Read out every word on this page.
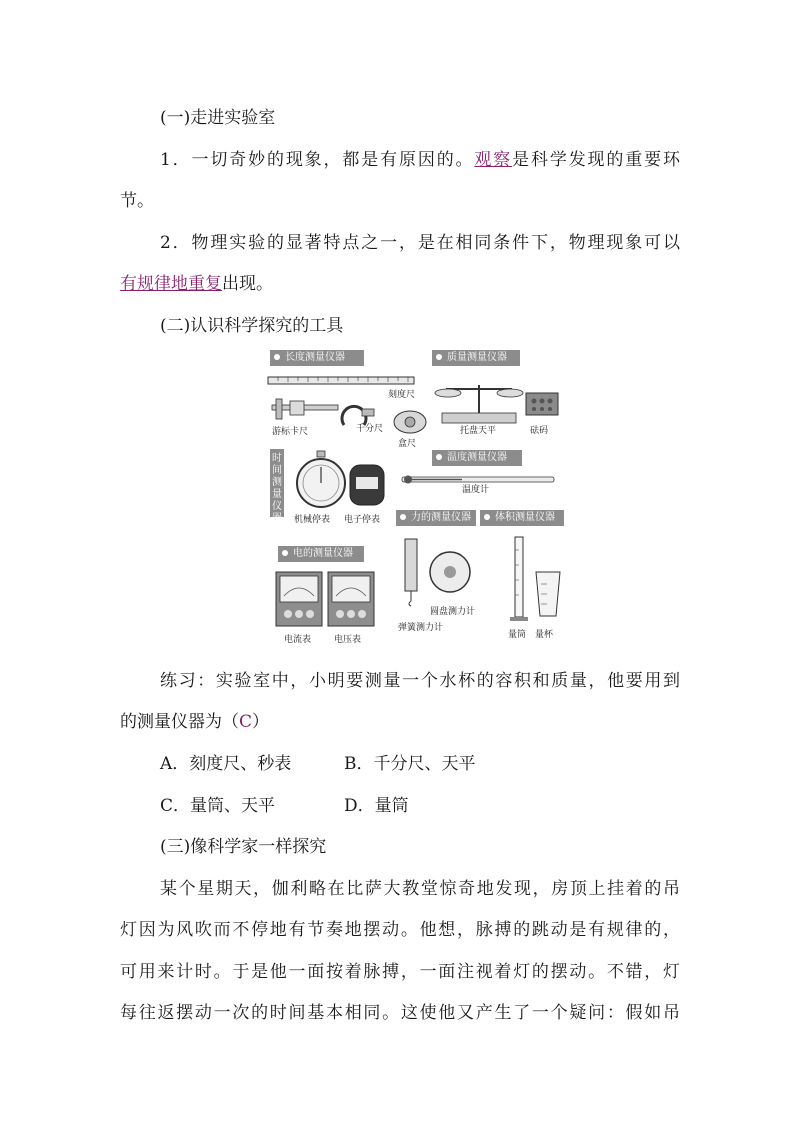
(一)走进实验室
1．一切奇妙的现象，都是有原因的。观察是科学发现的重要环
节。
2．物理实验的显著特点之一，是在相同条件下，物理现象可以
有规律地重复出现。
(二)认识科学探究的工具
长度测量仪器
刻度尺
游标卡尺	千分尺
盒尺
质量测量仪器
托盘天平	砝码
时间测量仪器 机械停表 电子停表
温度测量仪器
温度计
力的测量仪器
圆盘测力计
弹簧测力计
体积测量仪器
量筒 量杯
电的测量仪器
电流表	电压表
练习：实验室中，小明要测量一个水杯的容积和质量，他要用到
的测量仪器为（C）
A．刻度尺、秒表	B．千分尺、天平
C．量筒、天平	D．量筒
(三)像科学家一样探究
某个星期天，伽利略在比萨大教堂惊奇地发现，房顶上挂着的吊
灯因为风吹而不停地有节奏地摆动。他想，脉搏的跳动是有规律的，
可用来计时。于是他一面按着脉搏，一面注视着灯的摆动。不错，灯
每往返摆动一次的时间基本相同。这使他又产生了一个疑问：假如吊
